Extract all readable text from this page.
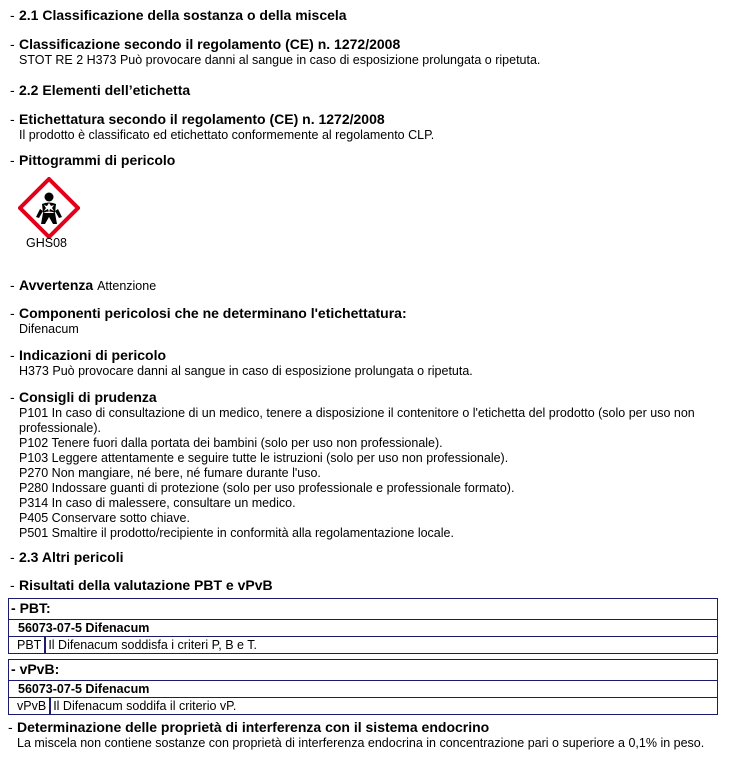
- 2.1 Classificazione della sostanza o della miscela
- Classificazione secondo il regolamento (CE) n. 1272/2008
STOT RE 2 H373 Può provocare danni al sangue in caso di esposizione prolungata o ripetuta.
- 2.2 Elementi dell’etichetta
- Etichettatura secondo il regolamento (CE) n. 1272/2008
Il prodotto è classificato ed etichettato conformemente al regolamento CLP.
- Pittogrammi di pericolo
GHS08
- Avvertenza Attenzione
- Componenti pericolosi che ne determinano l'etichettatura:
Difenacum
- Indicazioni di pericolo
H373 Può provocare danni al sangue in caso di esposizione prolungata o ripetuta.
- Consigli di prudenza
P101 In caso di consultazione di un medico, tenere a disposizione il contenitore o l'etichetta del prodotto (solo per uso non professionale).
P102 Tenere fuori dalla portata dei bambini (solo per uso non professionale).
P103 Leggere attentamente e seguire tutte le istruzioni (solo per uso non professionale).
P270 Non mangiare, né bere, né fumare durante l'uso.
P280 Indossare guanti di protezione (solo per uso professionale e professionale formato).
P314 In caso di malessere, consultare un medico.
P405 Conservare sotto chiave.
P501 Smaltire il prodotto/recipiente in conformità alla regolamentazione locale.
- 2.3 Altri pericoli
- Risultati della valutazione PBT e vPvB
- PBT:
56073-07-5 Difenacum
PBT Il Difenacum soddisfa i criteri P, B e T.
- vPvB:
56073-07-5 Difenacum
vPvB Il Difenacum soddifa il criterio vP.
- Determinazione delle proprietà di interferenza con il sistema endocrino
La miscela non contiene sostanze con proprietà di interferenza endocrina in concentrazione pari o superiore a 0,1% in peso.
